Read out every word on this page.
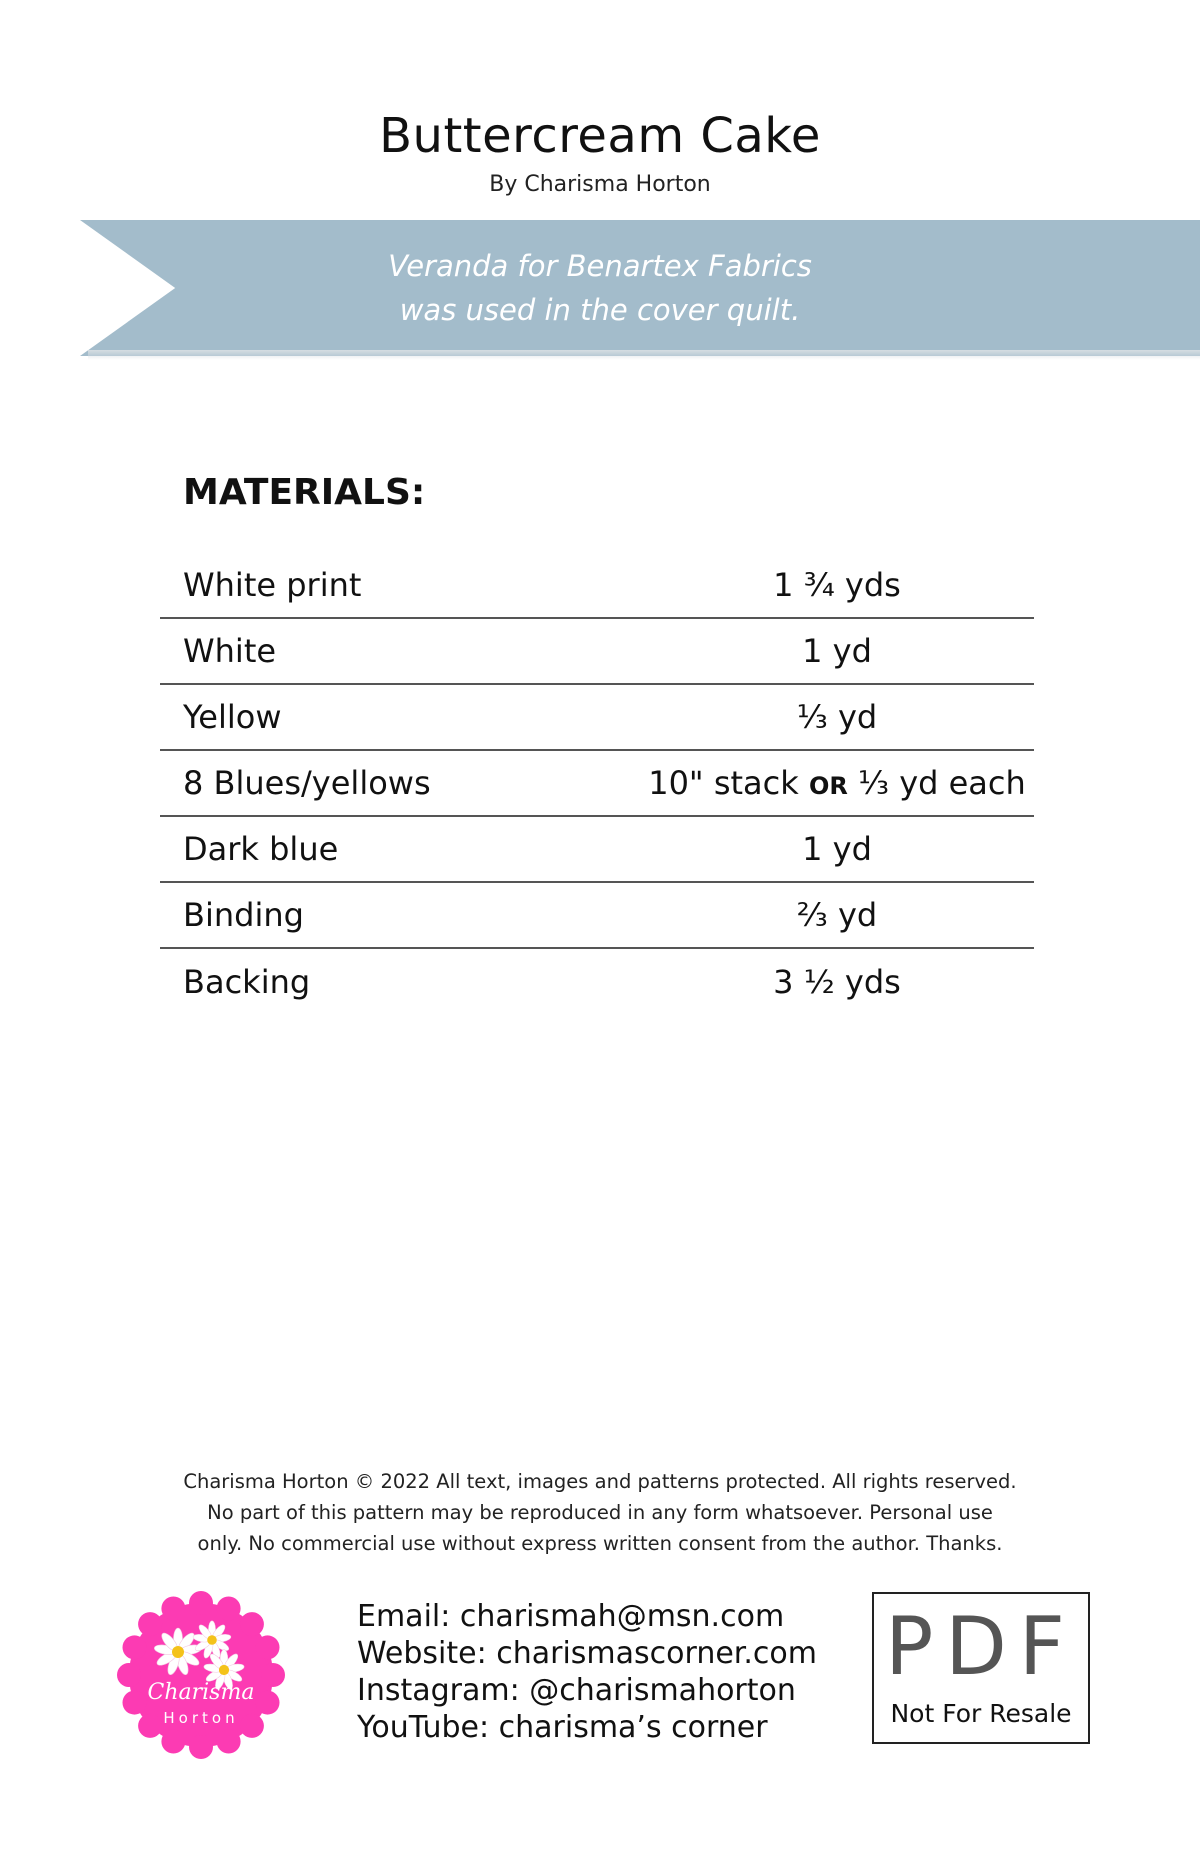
Buttercream Cake
By Charisma Horton
Veranda for Benartex Fabrics
was used in the cover quilt.
MATERIALS:
White print	1 ¾ yds
White	1 yd
Yellow	⅓ yd
8 Blues/yellows	10" stack OR ⅓ yd each
Dark blue	1 yd
Binding	⅔ yd
Backing	3 ½ yds
Charisma Horton © 2022 All text, images and patterns protected. All rights reserved.
No part of this pattern may be reproduced in any form whatsoever. Personal use
only. No commercial use without express written consent from the author. Thanks.
Charisma
Horton
Email: charismah@msn.com
Website: charismascorner.com
Instagram: @charismahorton
YouTube: charisma’s corner
PDF
Not For Resale
